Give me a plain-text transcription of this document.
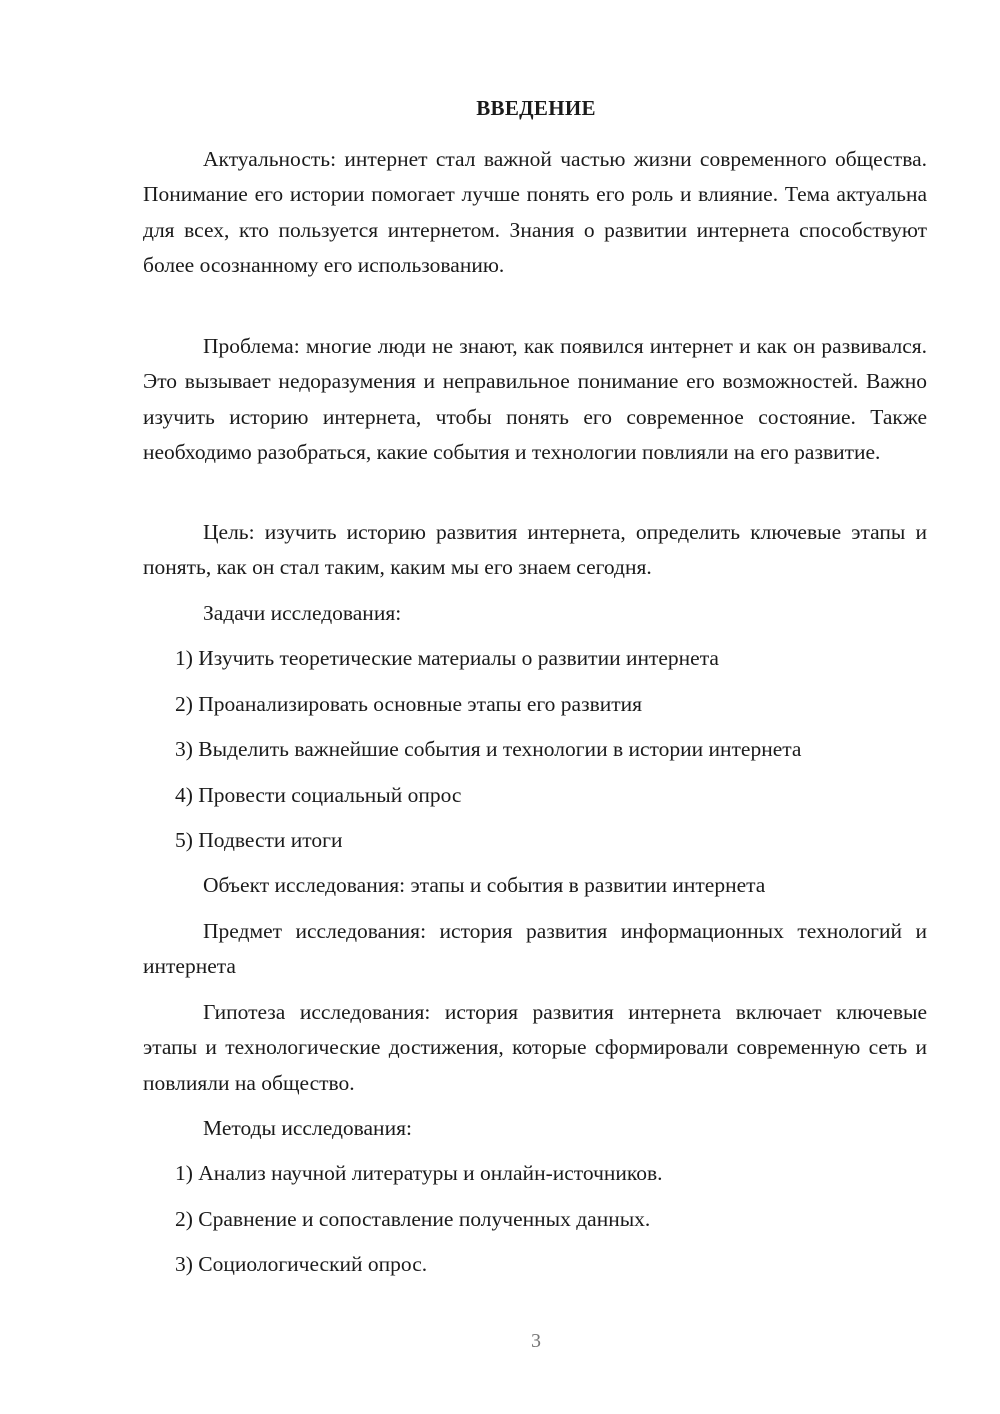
ВВЕДЕНИЕ

Актуальность: интернет стал важной частью жизни современного общества. Понимание его истории помогает лучше понять его роль и влияние. Тема актуальна для всех, кто пользуется интернетом. Знания о развитии интернета способствуют более осознанному его использованию.

Проблема: многие люди не знают, как появился интернет и как он развивался. Это вызывает недоразумения и неправильное понимание его возможностей. Важно изучить историю интернета, чтобы понять его современное состояние. Также необходимо разобраться, какие события и технологии повлияли на его развитие.

Цель: изучить историю развития интернета, определить ключевые этапы и понять, как он стал таким, каким мы его знаем сегодня.

Задачи исследования:
1) Изучить теоретические материалы о развитии интернета
2) Проанализировать основные этапы его развития
3) Выделить важнейшие события и технологии в истории интернета
4) Провести социальный опрос
5) Подвести итоги
Объект исследования: этапы и события в развитии интернета

Предмет исследования: история развития информационных технологий и интернета

Гипотеза исследования: история развития интернета включает ключевые этапы и технологические достижения, которые сформировали современную сеть и повлияли на общество.

Методы исследования:
1) Анализ научной литературы и онлайн-источников.
2) Сравнение и сопоставление полученных данных.
3) Социологический опрос.
3
